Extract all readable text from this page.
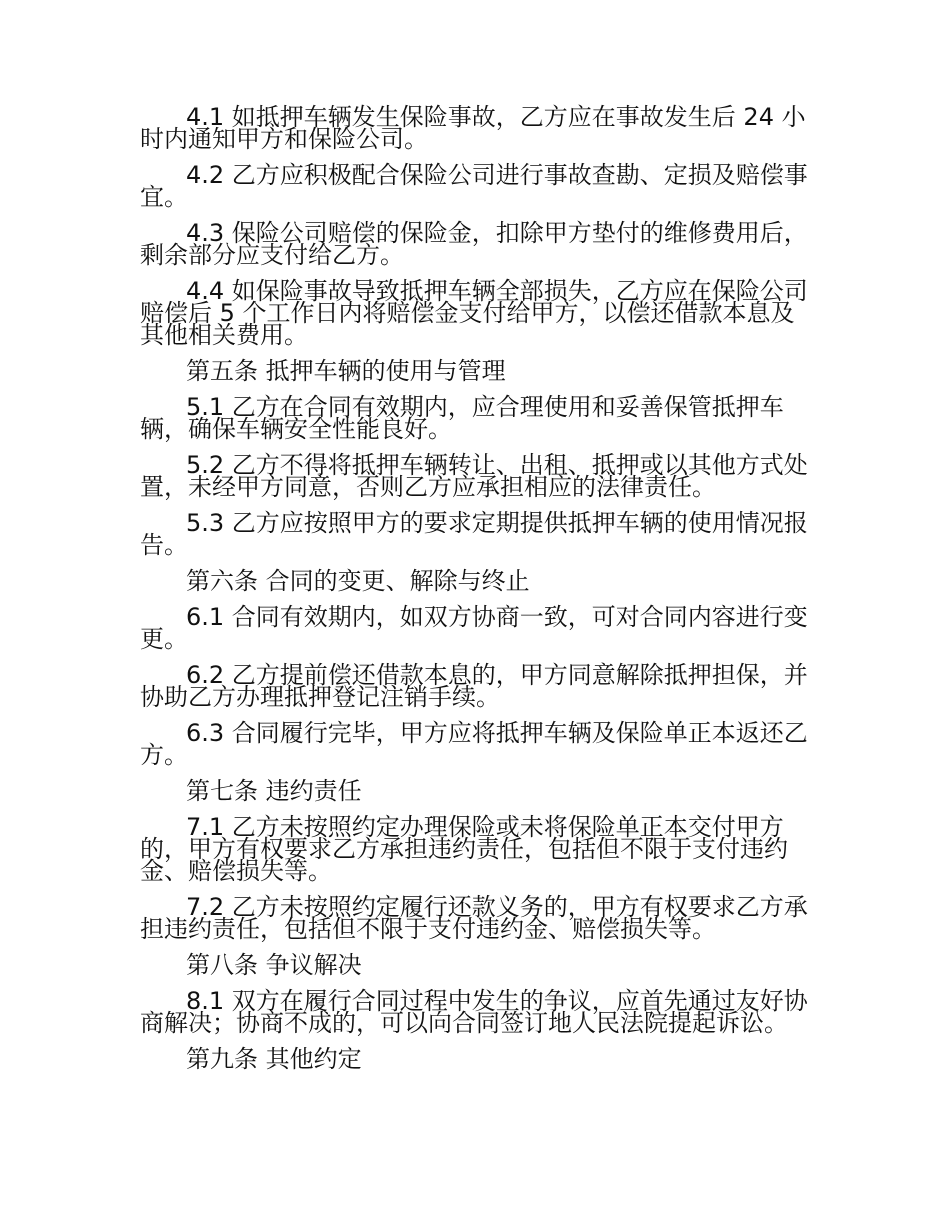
4.1 如抵押车辆发生保险事故，乙方应在事故发生后 24 小时内通知甲方和保险公司。

4.2 乙方应积极配合保险公司进行事故查勘、定损及赔偿事宜。

4.3 保险公司赔偿的保险金，扣除甲方垫付的维修费用后，剩余部分应支付给乙方。

4.4 如保险事故导致抵押车辆全部损失，乙方应在保险公司赔偿后 5 个工作日内将赔偿金支付给甲方，以偿还借款本息及其他相关费用。

第五条 抵押车辆的使用与管理

5.1 乙方在合同有效期内，应合理使用和妥善保管抵押车辆，确保车辆安全性能良好。

5.2 乙方不得将抵押车辆转让、出租、抵押或以其他方式处置，未经甲方同意，否则乙方应承担相应的法律责任。

5.3 乙方应按照甲方的要求定期提供抵押车辆的使用情况报告。

第六条 合同的变更、解除与终止

6.1 合同有效期内，如双方协商一致，可对合同内容进行变更。

6.2 乙方提前偿还借款本息的，甲方同意解除抵押担保，并协助乙方办理抵押登记注销手续。

6.3 合同履行完毕，甲方应将抵押车辆及保险单正本返还乙方。

第七条 违约责任

7.1 乙方未按照约定办理保险或未将保险单正本交付甲方的，甲方有权要求乙方承担违约责任，包括但不限于支付违约金、赔偿损失等。

7.2 乙方未按照约定履行还款义务的，甲方有权要求乙方承担违约责任，包括但不限于支付违约金、赔偿损失等。

第八条 争议解决

8.1 双方在履行合同过程中发生的争议，应首先通过友好协商解决；协商不成的，可以向合同签订地人民法院提起诉讼。

第九条 其他约定
